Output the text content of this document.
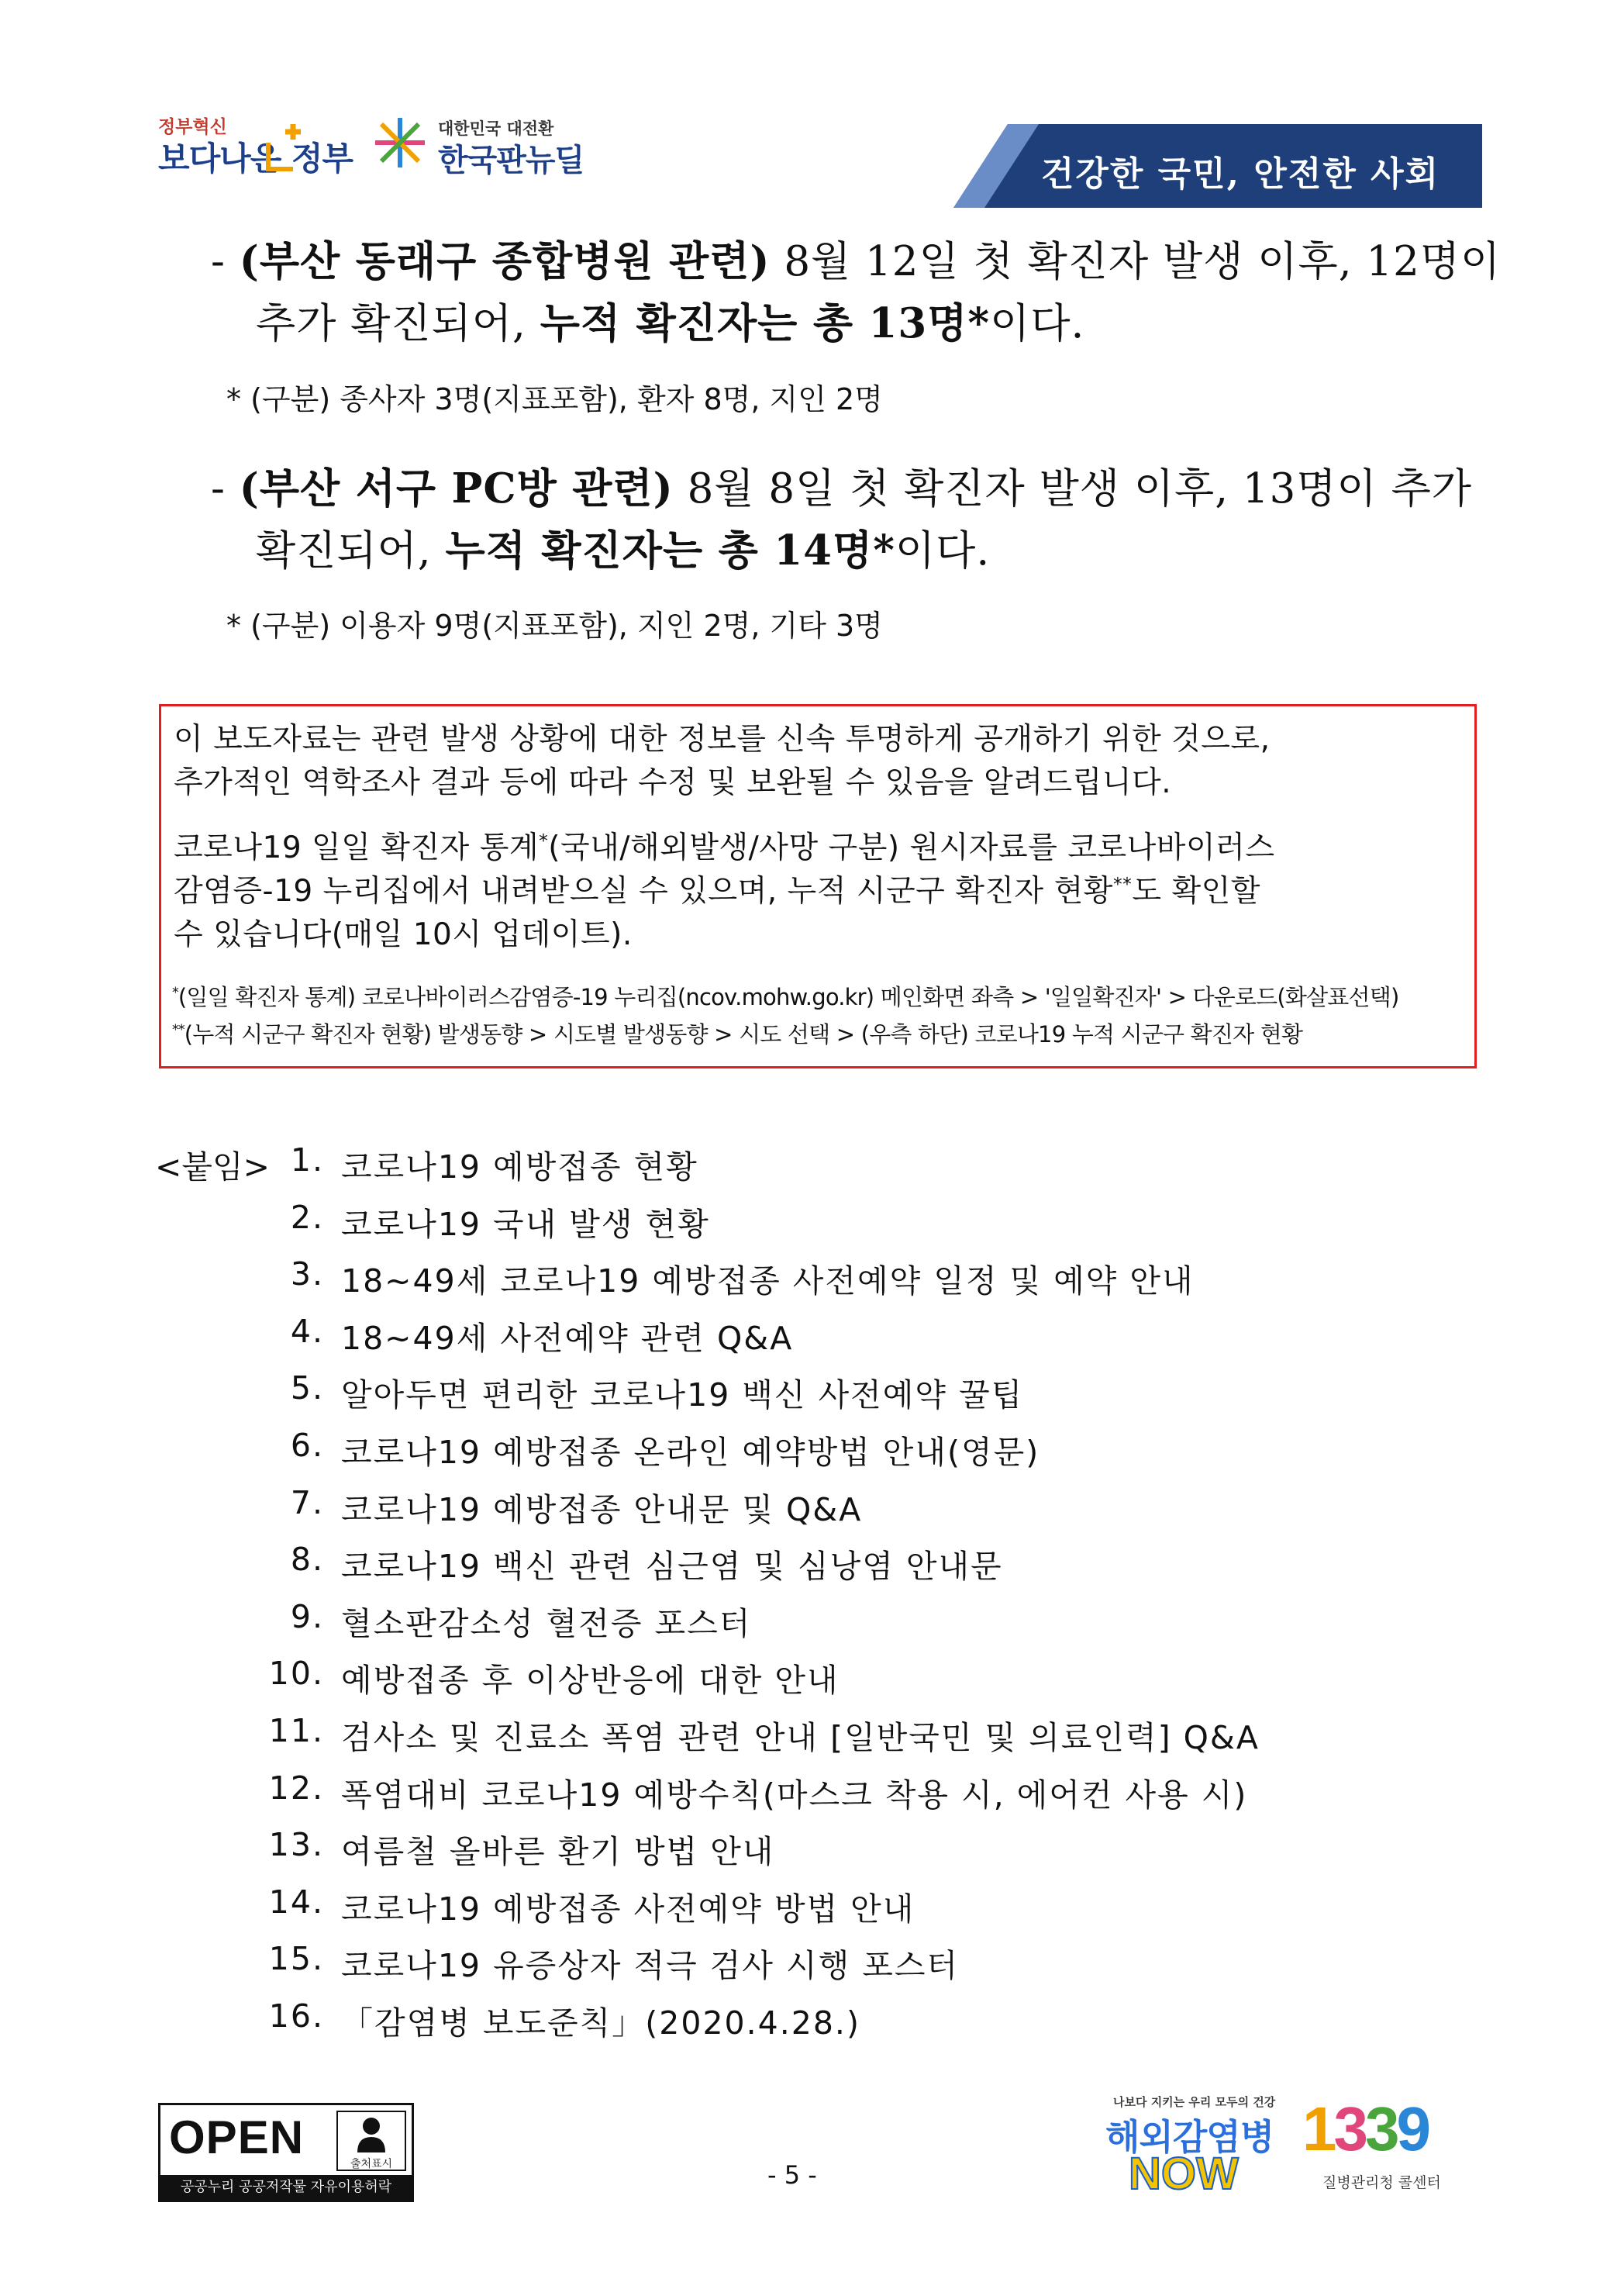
정부혁신
보다나은 정부
대한민국 대전환
한국판뉴딜	건강한 국민, 안전한 사회
- (부산 동래구 종합병원 관련) 8월 12일 첫 확진자 발생 이후, 12명이
추가 확진되어, 누적 확진자는 총 13명*이다.
* (구분) 종사자 3명(지표포함), 환자 8명, 지인 2명
- (부산 서구 PC방 관련) 8월 8일 첫 확진자 발생 이후, 13명이 추가
확진되어, 누적 확진자는 총 14명*이다.
* (구분) 이용자 9명(지표포함), 지인 2명, 기타 3명
이 보도자료는 관련 발생 상황에 대한 정보를 신속 투명하게 공개하기 위한 것으로,
추가적인 역학조사 결과 등에 따라 수정 및 보완될 수 있음을 알려드립니다.
코로나19 일일 확진자 통계*(국내/해외발생/사망 구분) 원시자료를 코로나바이러스
감염증-19 누리집에서 내려받으실 수 있으며, 누적 시군구 확진자 현황**도 확인할
수 있습니다(매일 10시 업데이트).
*(일일 확진자 통계) 코로나바이러스감염증-19 누리집(ncov.mohw.go.kr) 메인화면 좌측 > '일일확진자' > 다운로드(화살표선택)
**(누적 시군구 확진자 현황) 발생동향 > 시도별 발생동향 > 시도 선택 > (우측 하단) 코로나19 누적 시군구 확진자 현황
<붙임> 1. 코로나19 예방접종 현황
2. 코로나19 국내 발생 현황
3. 18∼49세 코로나19 예방접종 사전예약 일정 및 예약 안내
4. 18∼49세 사전예약 관련 Q&A
5. 알아두면 편리한 코로나19 백신 사전예약 꿀팁
6. 코로나19 예방접종 온라인 예약방법 안내(영문)
7. 코로나19 예방접종 안내문 및 Q&A
8. 코로나19 백신 관련 심근염 및 심낭염 안내문
9. 혈소판감소성 혈전증 포스터
10. 예방접종 후 이상반응에 대한 안내
11. 검사소 및 진료소 폭염 관련 안내 [일반국민 및 의료인력] Q&A
12. 폭염대비 코로나19 예방수칙(마스크 착용 시, 에어컨 사용 시)
13. 여름철 올바른 환기 방법 안내
14. 코로나19 예방접종 사전예약 방법 안내
15. 코로나19 유증상자 적극 검사 시행 포스터
16. 「감염병 보도준칙」(2020.4.28.)
OPEN
출처표시
공공누리 공공저작물 자유이용허락	- 5 -
나보다 지키는 우리 모두의 건강
해외감염병
NOW
1339
질병관리청 콜센터
